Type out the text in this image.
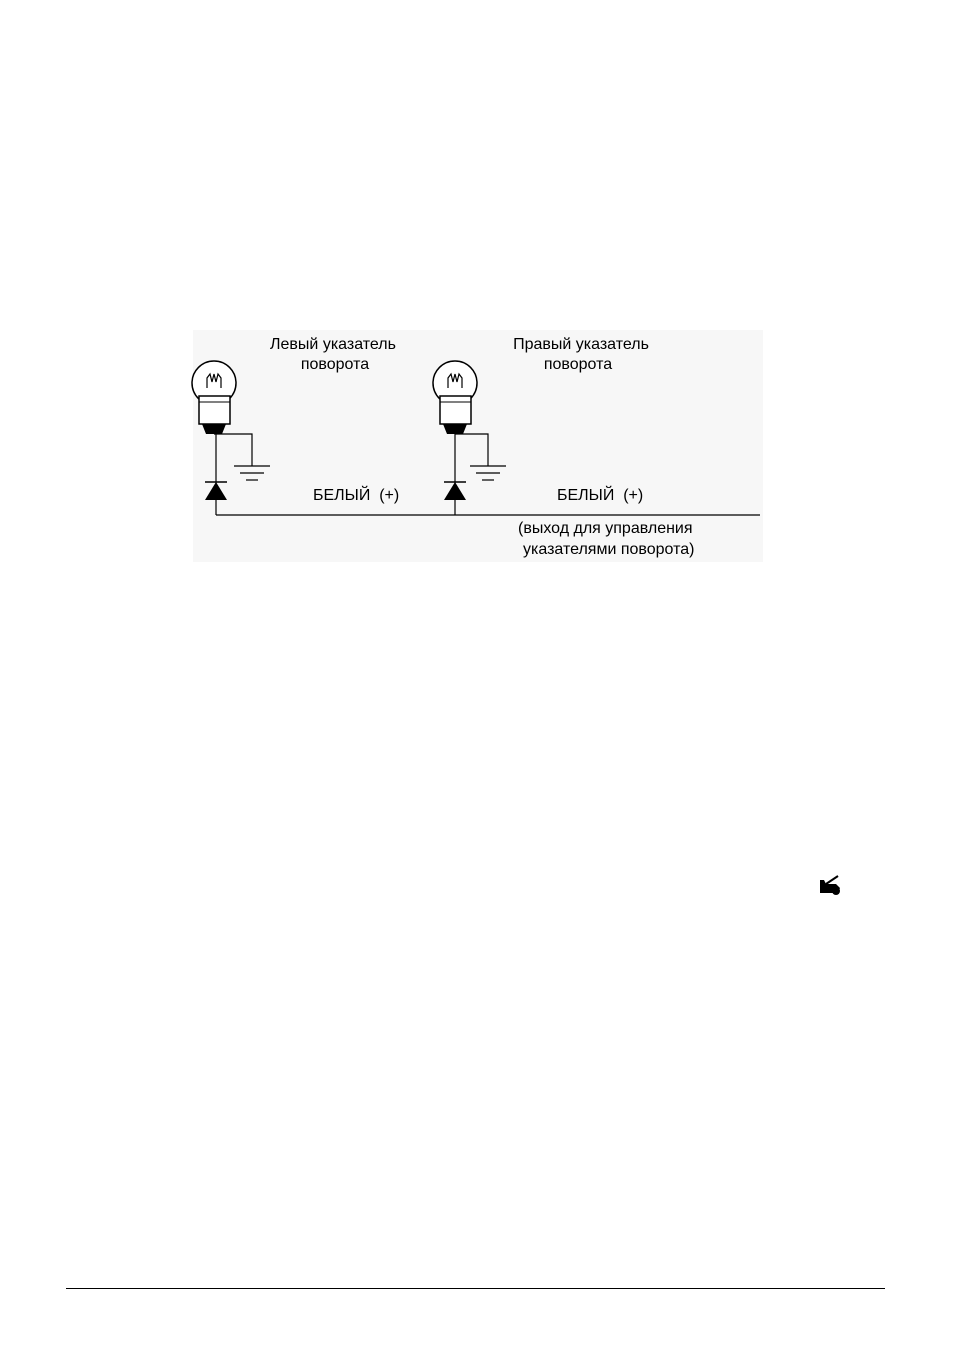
Левый указатель
поворота
Правый указатель
поворота
БЕЛЫЙ  (+)	БЕЛЫЙ  (+)
(выход для управления
указателями поворота)
